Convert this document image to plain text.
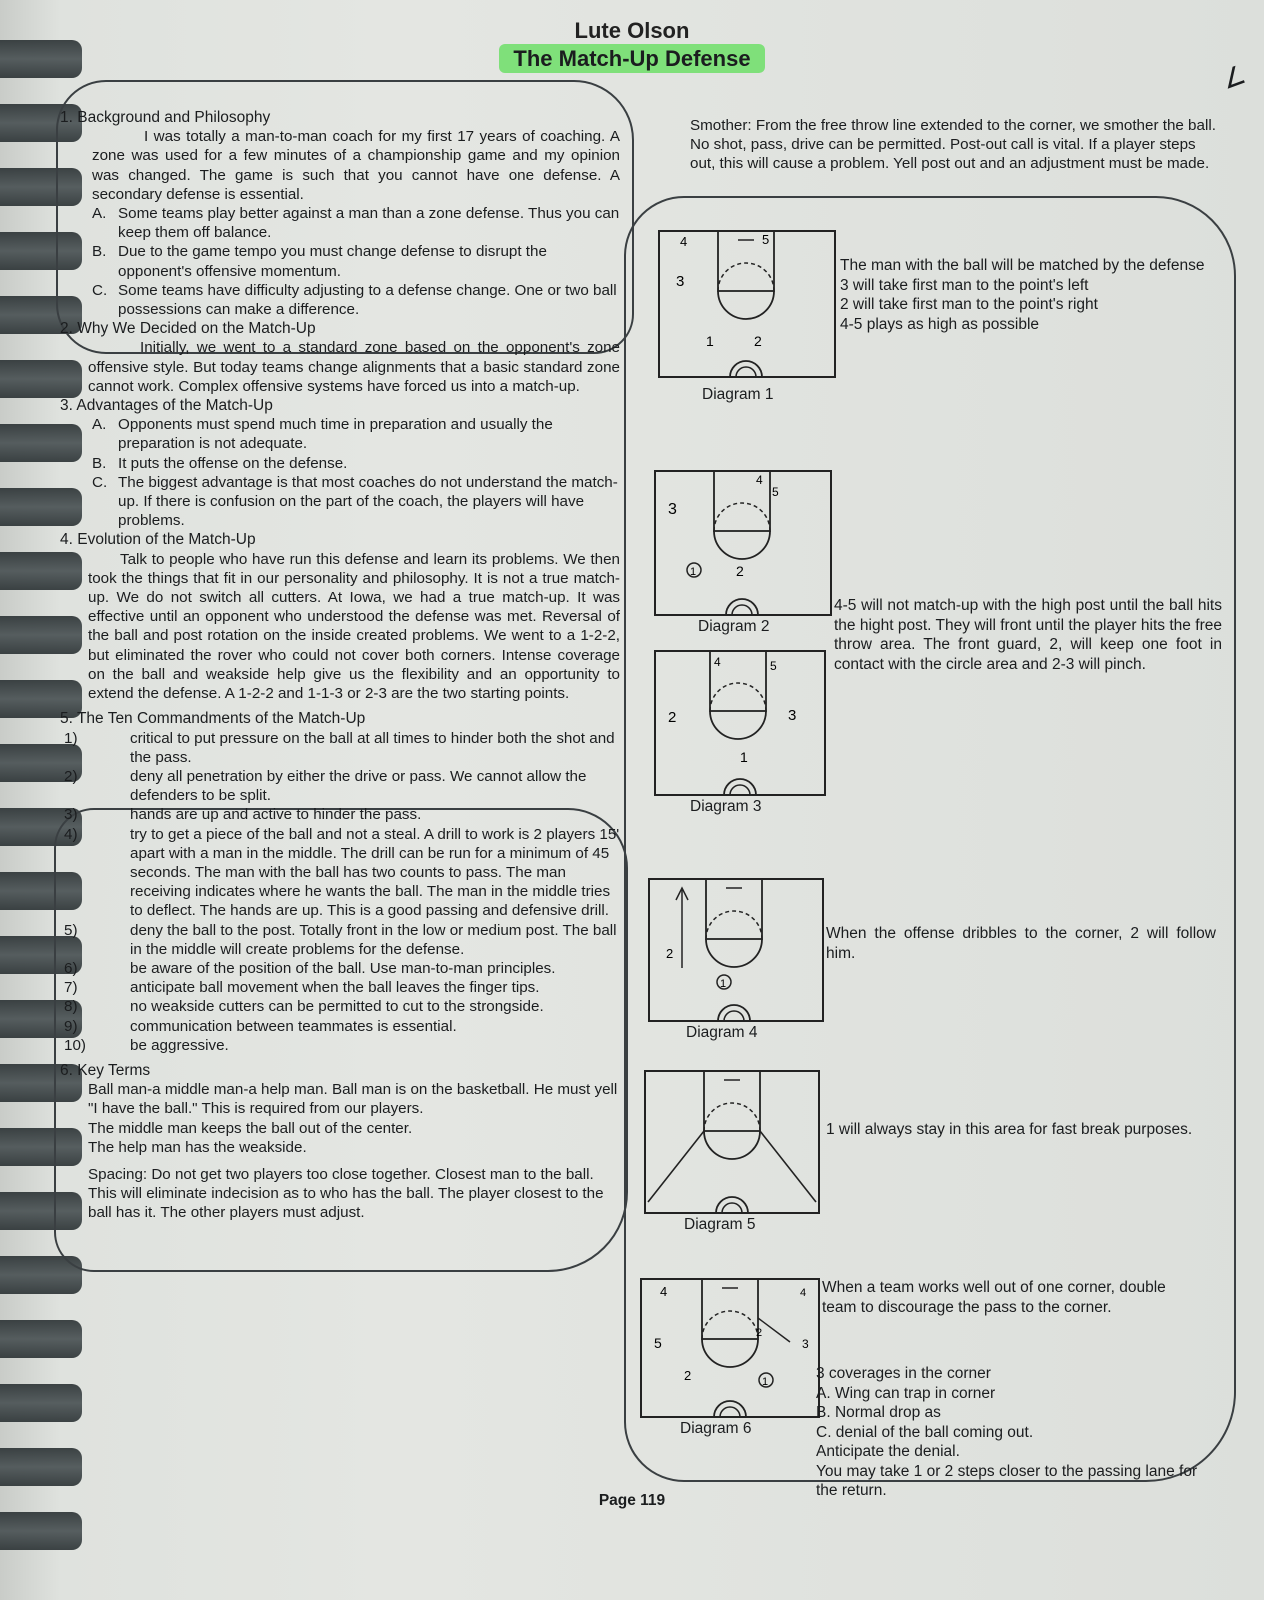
Lute Olson
The Match-Up Defense
∠

1. Background and Philosophy

I was totally a man-to-man coach for my first 17 years of coaching. A zone was used for a few minutes of a championship game and my opinion was changed. The game is such that you cannot have one defense. A secondary defense is essential.

A. Some teams play better against a man than a zone defense. Thus you can keep them off balance.
B. Due to the game tempo you must change defense to disrupt the opponent's offensive momentum.
C. Some teams have difficulty adjusting to a defense change. One or two ball possessions can make a difference.

2. Why We Decided on the Match-Up

Initially, we went to a standard zone based on the opponent's zone offensive style. But today teams change alignments that a basic standard zone cannot work. Complex offensive systems have forced us into a match-up.

3. Advantages of the Match-Up

A. Opponents must spend much time in preparation and usually the preparation is not adequate.
B. It puts the offense on the defense.
C. The biggest advantage is that most coaches do not understand the match-up. If there is confusion on the part of the coach, the players will have problems.

4. Evolution of the Match-Up

Talk to people who have run this defense and learn its problems. We then took the things that fit in our personality and philosophy. It is not a true match-up. We do not switch all cutters. At Iowa, we had a true match-up. It was effective until an opponent who understood the defense was met. Reversal of the ball and post rotation on the inside created problems. We went to a 1-2-2, but eliminated the rover who could not cover both corners. Intense coverage on the ball and weakside help give us the flexibility and an opportunity to extend the defense. A 1-2-2 and 1-1-3 or 2-3 are the two starting points.

5. The Ten Commandments of the Match-Up

1)	critical to put pressure on the ball at all times to hinder both the shot and the pass.
2)	deny all penetration by either the drive or pass. We cannot allow the defenders to be split.
3)	hands are up and active to hinder the pass.
4)	try to get a piece of the ball and not a steal. A drill to work is 2 players 15' apart with a man in the middle. The drill can be run for a minimum of 45 seconds. The man with the ball has two counts to pass. The man receiving indicates where he wants the ball. The man in the middle tries to deflect. The hands are up. This is a good passing and defensive drill.
5)	deny the ball to the post. Totally front in the low or medium post. The ball in the middle will create problems for the defense.
6)	be aware of the position of the ball. Use man-to-man principles.
7)	anticipate ball movement when the ball leaves the finger tips.
8)	no weakside cutters can be permitted to cut to the strongside.
9)	communication between teammates is essential.
10)	be aggressive.

6. Key Terms

Ball man-a middle man-a help man. Ball man is on the basketball. He must yell "I have the ball." This is required from our players.

The middle man keeps the ball out of the center.

The help man has the weakside.

Spacing: Do not get two players too close together. Closest man to the ball. This will eliminate indecision as to who has the ball. The player closest to the ball has it. The other players must adjust.

Smother: From the free throw line extended to the corner, we smother the ball. No shot, pass, drive can be permitted. Post-out call is vital. If a player steps out, this will cause a problem. Yell post out and an adjustment must be made.

4	5
3
1	2
Diagram 1
The man with the ball will be matched by the defense
3 will take first man to the point's left
2 will take first man to the point's right
4-5 plays as high as possible
4
5
3
1	2
Diagram 2
4-5 will not match-up with the high post until the ball hits the hight post. They will front until the player hits the free throw area. The front guard, 2, will keep one foot in contact with the circle area and 2-3 will pinch.
4	5
2	3
1
Diagram 3
2
1
Diagram 4
When the offense dribbles to the corner, 2 will follow him.
Diagram 5
1 will always stay in this area for fast break purposes.
4	4
5
2
3
2	1
Diagram 6
When a team works well out of one corner, double team to discourage the pass to the corner.
3 coverages in the corner
A. Wing can trap in corner
B. Normal drop as
C. denial of the ball coming out.
Anticipate the denial.
You may take 1 or 2 steps closer to the passing lane for the return.
Page 119
